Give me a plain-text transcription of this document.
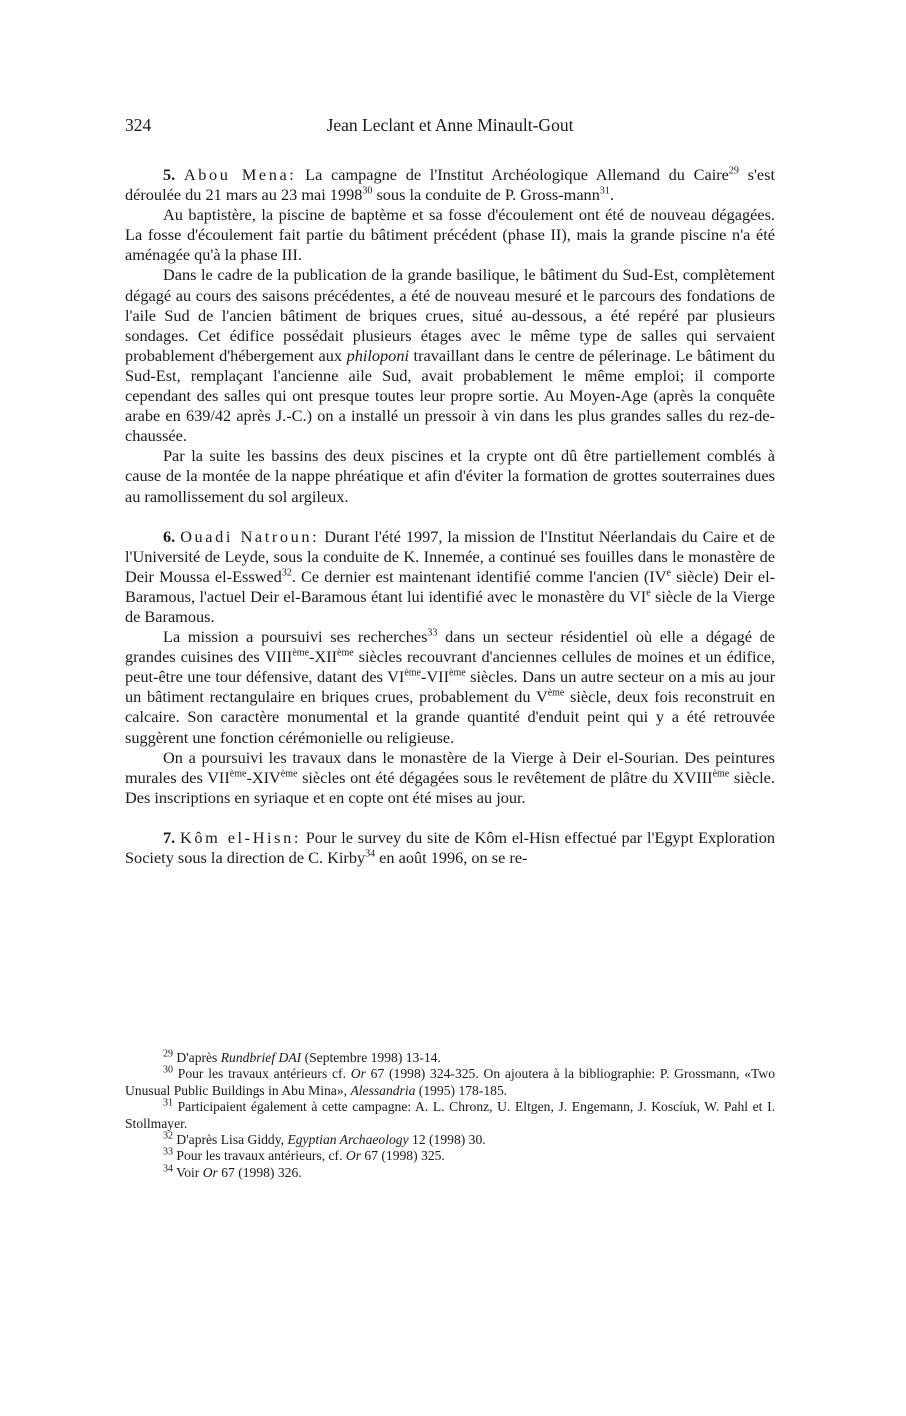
324	Jean Leclant et Anne Minault-Gout

5. Abou Mena: La campagne de l'Institut Archéologique Allemand du Caire$^{29}$ s'est déroulée du 21 mars au 23 mai 1998$^{30}$ sous la conduite de P. Gross-mann$^{31}$.

Au baptistère, la piscine de baptème et sa fosse d'écoulement ont été de nouveau dégagées. La fosse d'écoulement fait partie du bâtiment précédent (phase II), mais la grande piscine n'a été aménagée qu'à la phase III.

Dans le cadre de la publication de la grande basilique, le bâtiment du Sud-Est, complètement dégagé au cours des saisons précédentes, a été de nouveau mesuré et le parcours des fondations de l'aile Sud de l'ancien bâtiment de briques crues, situé au-dessous, a été repéré par plusieurs sondages. Cet édifice possédait plusieurs étages avec le même type de salles qui servaient probablement d'hébergement aux philoponi travaillant dans le centre de pélerinage. Le bâtiment du Sud-Est, remplaçant l'ancienne aile Sud, avait probablement le même emploi; il comporte cependant des salles qui ont presque toutes leur propre sortie. Au Moyen-Age (après la conquête arabe en 639/42 après J.-C.) on a installé un pressoir à vin dans les plus grandes salles du rez-de-chaussée.

Par la suite les bassins des deux piscines et la crypte ont dû être partiellement comblés à cause de la montée de la nappe phréatique et afin d'éviter la formation de grottes souterraines dues au ramollissement du sol argileux.

6. Ouadi Natroun: Durant l'été 1997, la mission de l'Institut Néerlandais du Caire et de l'Université de Leyde, sous la conduite de K. Innemée, a continué ses fouilles dans le monastère de Deir Moussa el-Esswed$^{32}$. Ce dernier est maintenant identifié comme l'ancien (IVe siècle) Deir el-Baramous, l'actuel Deir el-Baramous étant lui identifié avec le monastère du VIe siècle de la Vierge de Baramous.

La mission a poursuivi ses recherches$^{33}$ dans un secteur résidentiel où elle a dégagé de grandes cuisines des VIIIème-XIIème siècles recouvrant d'anciennes cellules de moines et un édifice, peut-être une tour défensive, datant des VIème-VIIème siècles. Dans un autre secteur on a mis au jour un bâtiment rectangulaire en briques crues, probablement du Vème siècle, deux fois reconstruit en calcaire. Son caractère monumental et la grande quantité d'enduit peint qui y a été retrouvée suggèrent une fonction cérémonielle ou religieuse.

On a poursuivi les travaux dans le monastère de la Vierge à Deir el-Sourian. Des peintures murales des VIIème-XIVème siècles ont été dégagées sous le revêtement de plâtre du XVIIIème siècle. Des inscriptions en syriaque et en copte ont été mises au jour.

7. Kôm el-Hisn: Pour le survey du site de Kôm el-Hisn effectué par l'Egypt Exploration Society sous la direction de C. Kirby$^{34}$ en août 1996, on se re-

$^{29}$ D'après Rundbrief DAI (Septembre 1998) 13-14.

$^{30}$ Pour les travaux antérieurs cf. Or 67 (1998) 324-325. On ajoutera à la bibliographie: P. Grossmann, «Two Unusual Public Buildings in Abu Mina», Alessandria (1995) 178-185.

$^{31}$ Participaient également à cette campagne: A. L. Chronz, U. Eltgen, J. Engemann, J. Koscíuk, W. Pahl et I. Stollmayer.

$^{32}$ D'après Lisa Giddy, Egyptian Archaeology 12 (1998) 30.

$^{33}$ Pour les travaux antérieurs, cf. Or 67 (1998) 325.

$^{34}$ Voir Or 67 (1998) 326.
